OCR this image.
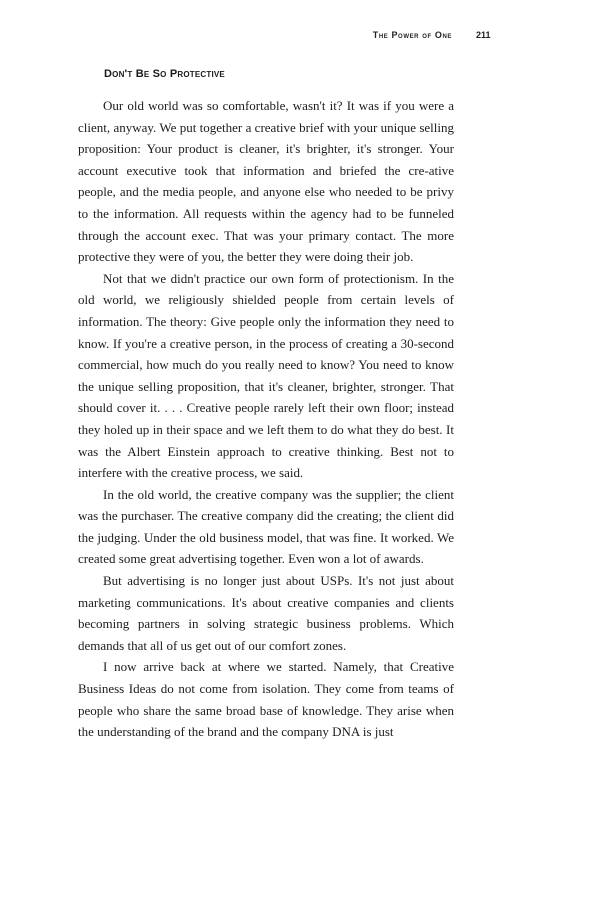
The Power of One	211
Don't Be So Protective

Our old world was so comfortable, wasn't it? It was if you were a client, anyway. We put together a creative brief with your unique selling proposition: Your product is cleaner, it's brighter, it's stronger. Your account executive took that information and briefed the cre-ative people, and the media people, and anyone else who needed to be privy to the information. All requests within the agency had to be funneled through the account exec. That was your primary contact. The more protective they were of you, the better they were doing their job.

Not that we didn't practice our own form of protectionism. In the old world, we religiously shielded people from certain levels of information. The theory: Give people only the information they need to know. If you're a creative person, in the process of creating a 30-second commercial, how much do you really need to know? You need to know the unique selling proposition, that it's cleaner, brighter, stronger. That should cover it. . . . Creative people rarely left their own floor; instead they holed up in their space and we left them to do what they do best. It was the Albert Einstein approach to creative thinking. Best not to interfere with the creative process, we said.

In the old world, the creative company was the supplier; the client was the purchaser. The creative company did the creating; the client did the judging. Under the old business model, that was fine. It worked. We created some great advertising together. Even won a lot of awards.

But advertising is no longer just about USPs. It's not just about marketing communications. It's about creative companies and clients becoming partners in solving strategic business problems. Which demands that all of us get out of our comfort zones.

I now arrive back at where we started. Namely, that Creative Business Ideas do not come from isolation. They come from teams of people who share the same broad base of knowledge. They arise when the understanding of the brand and the company DNA is just
